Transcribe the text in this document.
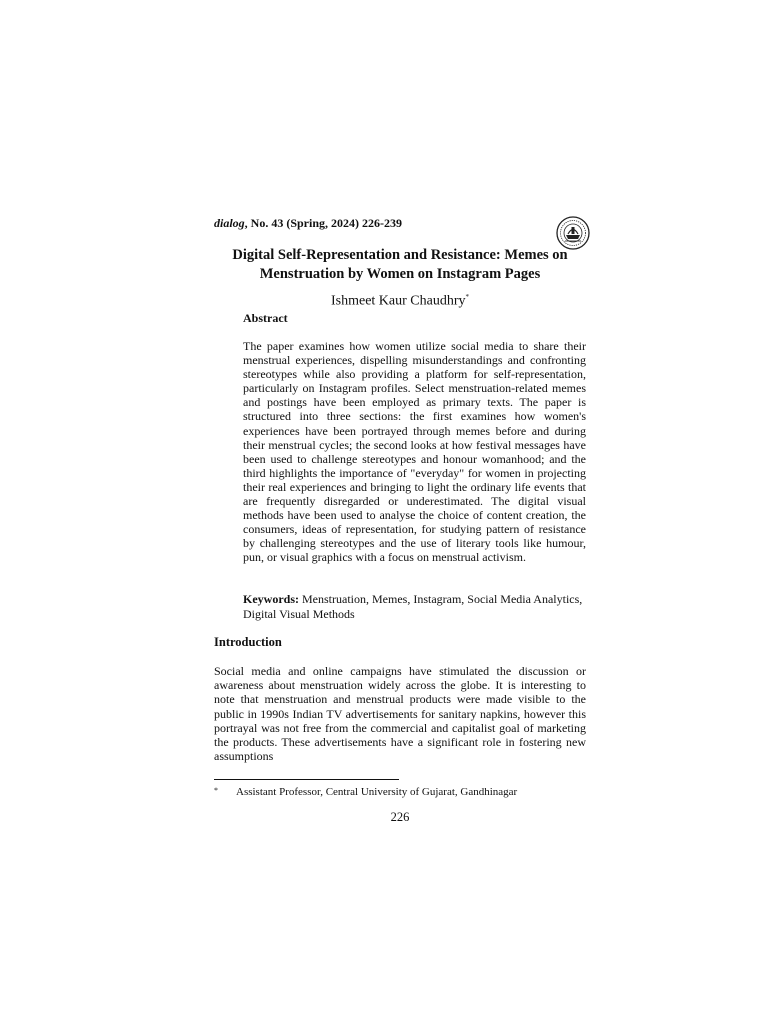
dialog, No. 43 (Spring, 2024) 226-239
Digital Self-Representation and Resistance: Memes on Menstruation by Women on Instagram Pages
Ishmeet Kaur Chaudhry*
Abstract
The paper examines how women utilize social media to share their menstrual experiences, dispelling misunderstandings and confronting stereotypes while also providing a platform for self-representation, particularly on Instagram profiles. Select menstruation-related memes and postings have been employed as primary texts. The paper is structured into three sections: the first examines how women's experiences have been portrayed through memes before and during their menstrual cycles; the second looks at how festival messages have been used to challenge stereotypes and honour womanhood; and the third highlights the importance of "everyday" for women in projecting their real experiences and bringing to light the ordinary life events that are frequently disregarded or underestimated. The digital visual methods have been used to analyse the choice of content creation, the consumers, ideas of representation, for studying pattern of resistance by challenging stereotypes and the use of literary tools like humour, pun, or visual graphics with a focus on menstrual activism.
Keywords: Menstruation, Memes, Instagram, Social Media Analytics, Digital Visual Methods
Introduction
Social media and online campaigns have stimulated the discussion or awareness about menstruation widely across the globe. It is interesting to note that menstruation and menstrual products were made visible to the public in 1990s Indian TV advertisements for sanitary napkins, however this portrayal was not free from the commercial and capitalist goal of marketing the products. These advertisements have a significant role in fostering new assumptions
* Assistant Professor, Central University of Gujarat, Gandhinagar
226
